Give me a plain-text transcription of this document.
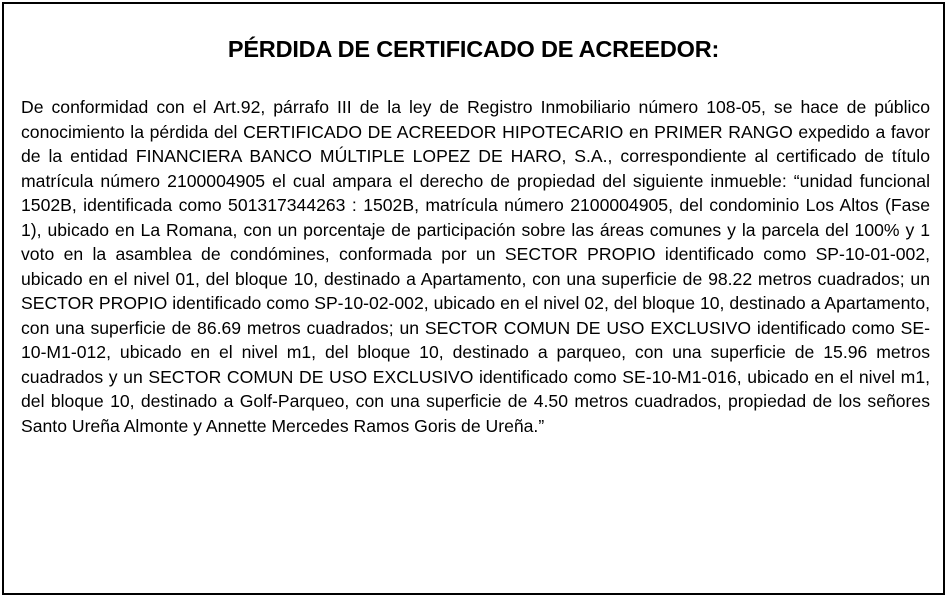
PÉRDIDA DE CERTIFICADO DE ACREEDOR:

De conformidad con el Art.92, párrafo III de la ley de Registro Inmobiliario número 108-05, se hace de público conocimiento la pérdida del CERTIFICADO DE ACREEDOR HIPOTECARIO en PRIMER RANGO expedido a favor de la entidad FINANCIERA BANCO MÚLTIPLE LOPEZ DE HARO, S.A., correspondiente al certificado de título matrícula número 2100004905 el cual ampara el derecho de propiedad del siguiente inmueble: “unidad funcional 1502B, identificada como 501317344263 : 1502B, matrícula número 2100004905, del condominio Los Altos (Fase 1), ubicado en La Romana, con un porcentaje de participación sobre las áreas comunes y la parcela del 100% y 1 voto en la asamblea de condómines, conformada por un SECTOR PROPIO identificado como SP-10-01-002, ubicado en el nivel 01, del bloque 10, destinado a Apartamento, con una superficie de 98.22 metros cuadrados; un SECTOR PROPIO identificado como SP-10-02-002, ubicado en el nivel 02, del bloque 10, destinado a Apartamento, con una superficie de 86.69 metros cuadrados; un SECTOR COMUN DE USO EXCLUSIVO identificado como SE-10-M1-012, ubicado en el nivel m1, del bloque 10, destinado a parqueo, con una superficie de 15.96 metros cuadrados y un SECTOR COMUN DE USO EXCLUSIVO identificado como SE-10-M1-016, ubicado en el nivel m1, del bloque 10, destinado a Golf-Parqueo, con una superficie de 4.50 metros cuadrados, propiedad de los señores Santo Ureña Almonte y Annette Mercedes Ramos Goris de Ureña.”
